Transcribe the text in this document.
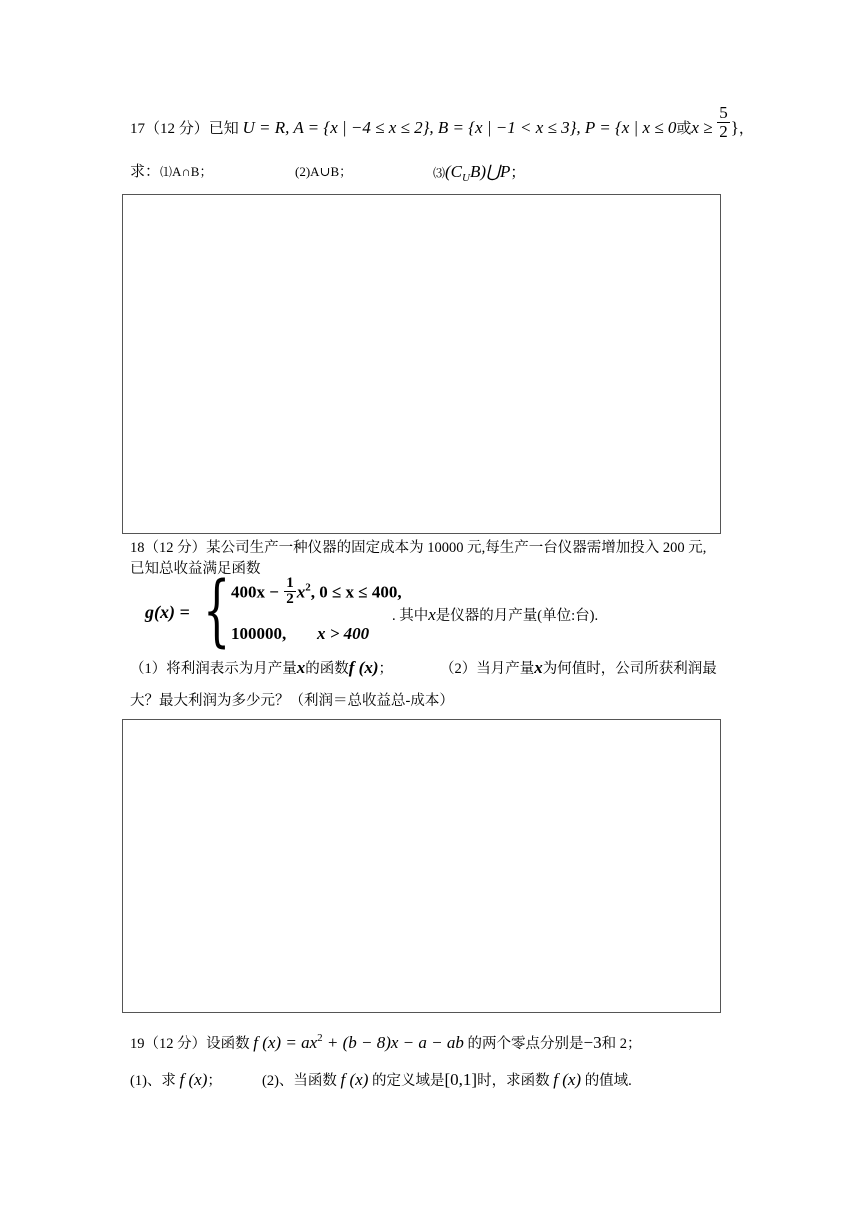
17（12 分）已知 U = R, A = {x | −4 ≤ x ≤ 2}, B = {x | −1 < x ≤ 3}, P = {x | x ≤ 0或$x \ge \frac{5}{2}$ }，
求：⑴A∩B；	(2)A∪B；	$⑶(C_UB)⋃P$；
18（12 分）某公司生产一种仪器的固定成本为 10000 元,每生产一台仪器需增加投入 200 元,
已知总收益满足函数
g(x) = { $400x - \frac{1}{2} x^2$, 0 ≤ x ≤ 400,
100000, x > 400
. 其中x是仪器的月产量(单位:台).
（1）将利润表示为月产量x的函数f (x)；	（2）当月产量x为何值时，公司所获利润最
大？最大利润为多少元？（利润＝总收益总-成本）
19（12 分）设函数 f $(x) = ax^2 + (b - 8)x - a$ − ab 的两个零点分别是−3和 2；
(1)、求 f (x)；	(2)、当函数 f (x) 的定义域是[0,1]时，求函数 f (x) 的值域.
